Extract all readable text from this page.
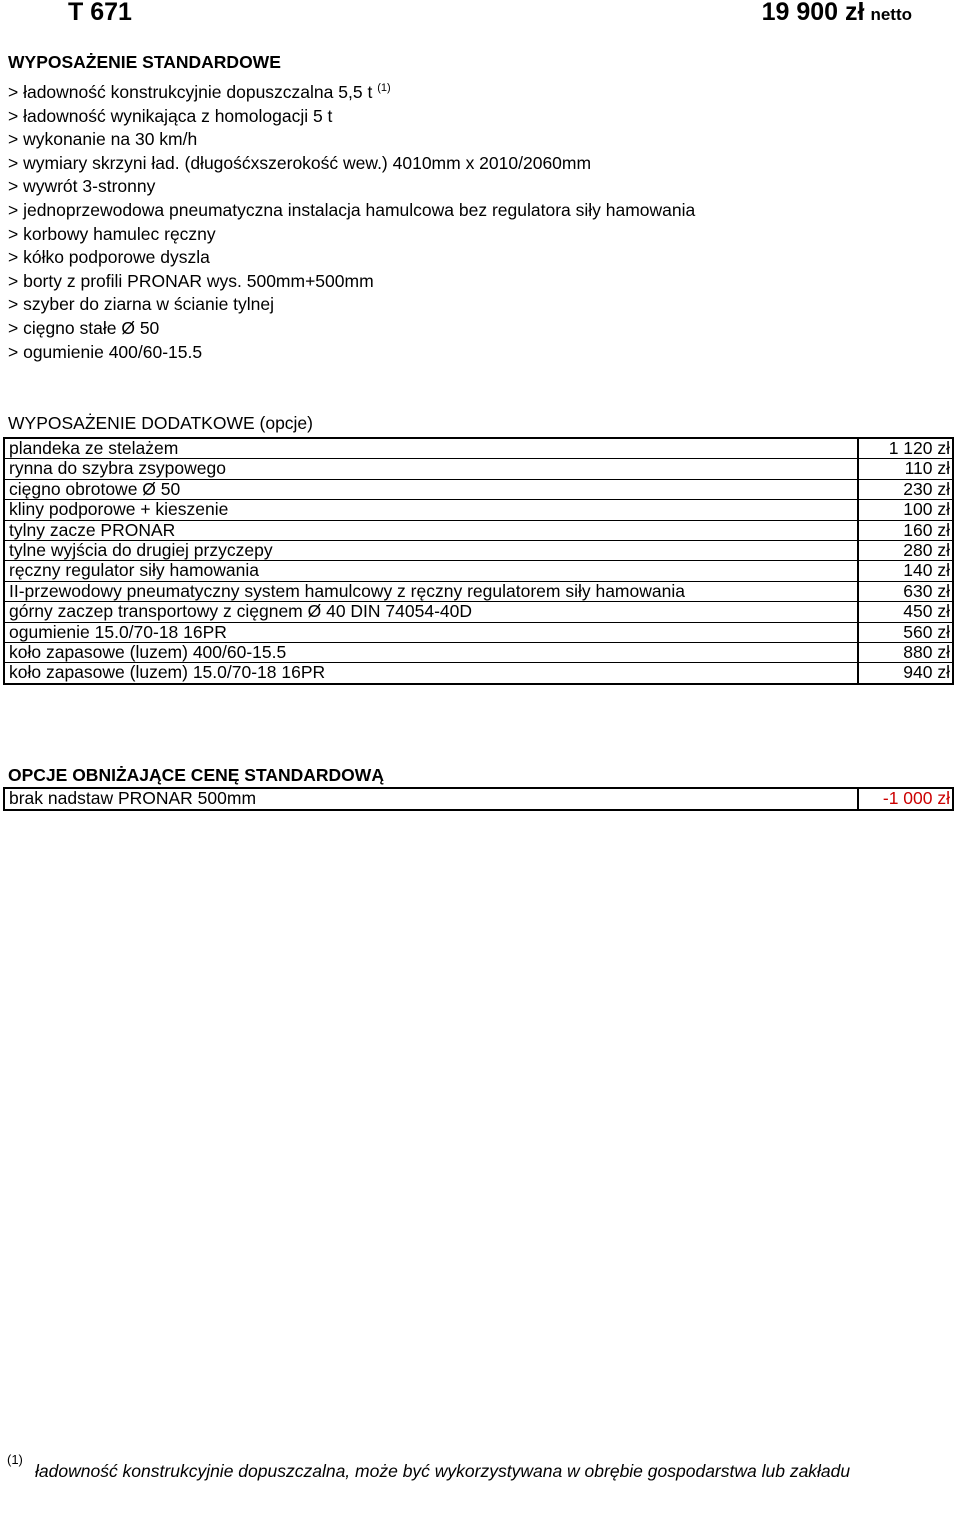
T 671	19 900 zł netto
WYPOSAŻENIE STANDARDOWE
> ładowność konstrukcyjnie dopuszczalna 5,5 t $^{(1)}$
> ładowność wynikająca z homologacji 5 t
> wykonanie na 30 km/h
> wymiary skrzyni ład. (długośćxszerokość wew.) 4010mm x 2010/2060mm
> wywrót 3-stronny
> jednoprzewodowa pneumatyczna instalacja hamulcowa bez regulatora siły hamowania
> korbowy hamulec ręczny
> kółko podporowe dyszla
> borty z profili PRONAR wys. 500mm+500mm
> szyber do ziarna w ścianie tylnej
> cięgno stałe Ø 50
> ogumienie 400/60-15.5
WYPOSAŻENIE DODATKOWE (opcje)
plandeka ze stelażem	1 120 zł
rynna do szybra zsypowego	110 zł
cięgno obrotowe Ø 50	230 zł
kliny podporowe + kieszenie	100 zł
tylny zacze PRONAR	160 zł
tylne wyjścia do drugiej przyczepy	280 zł
ręczny regulator siły hamowania	140 zł
II-przewodowy pneumatyczny system hamulcowy z ręczny regulatorem siły hamowania	630 zł
górny zaczep transportowy z cięgnem Ø 40 DIN 74054-40D	450 zł
ogumienie 15.0/70-18 16PR	560 zł
koło zapasowe (luzem) 400/60-15.5	880 zł
koło zapasowe (luzem) 15.0/70-18 16PR	940 zł
OPCJE OBNIŻAJĄCE CENĘ STANDARDOWĄ
brak nadstaw PRONAR 500mm	-1 000 zł
(1)
ładowność konstrukcyjnie dopuszczalna, może być wykorzystywana w obrębie gospodarstwa lub zakładu
